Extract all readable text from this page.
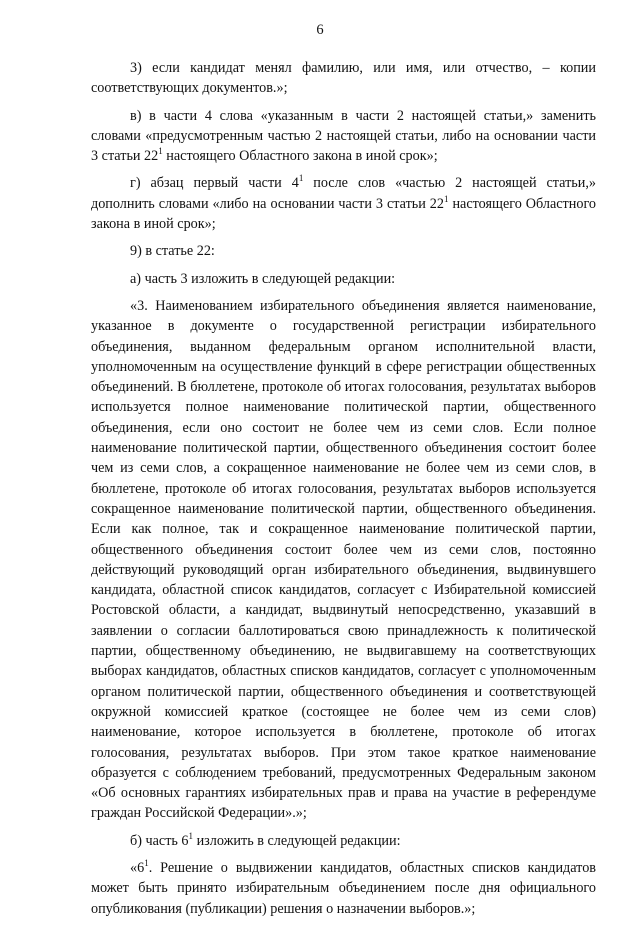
6

3) если кандидат менял фамилию, или имя, или отчество, – копии соответствующих документов.»;

в) в части 4 слова «указанным в части 2 настоящей статьи,» заменить словами «предусмотренным частью 2 настоящей статьи, либо на основании части 3 статьи $22^1$ настоящего Областного закона в иной срок»;

г) абзац первый части $4^1$ после слов «частью 2 настоящей статьи,» дополнить словами «либо на основании части 3 статьи $22^1$ настоящего Областного закона в иной срок»;

9) в статье 22:

а) часть 3 изложить в следующей редакции:

«3. Наименованием избирательного объединения является наименование, указанное в документе о государственной регистрации избирательного объединения, выданном федеральным органом исполнительной власти, уполномоченным на осуществление функций в сфере регистрации общественных объединений. В бюллетене, протоколе об итогах голосования, результатах выборов используется полное наименование политической партии, общественного объединения, если оно состоит не более чем из семи слов. Если полное наименование политической партии, общественного объединения состоит более чем из семи слов, а сокращенное наименование не более чем из семи слов, в бюллетене, протоколе об итогах голосования, результатах выборов используется сокращенное наименование политической партии, общественного объединения. Если как полное, так и сокращенное наименование политической партии, общественного объединения состоит более чем из семи слов, постоянно действующий руководящий орган избирательного объединения, выдвинувшего кандидата, областной список кандидатов, согласует с Избирательной комиссией Ростовской области, а кандидат, выдвинутый непосредственно, указавший в заявлении о согласии баллотироваться свою принадлежность к политической партии, общественному объединению, не выдвигавшему на соответствующих выборах кандидатов, областных списков кандидатов, согласует с уполномоченным органом политической партии, общественного объединения и соответствующей окружной комиссией краткое (состоящее не более чем из семи слов) наименование, которое используется в бюллетене, протоколе об итогах голосования, результатах выборов. При этом такое краткое наименование образуется с соблюдением требований, предусмотренных Федеральным законом «Об основных гарантиях избирательных прав и права на участие в референдуме граждан Российской Федерации».»;

б) часть $6^1$ изложить в следующей редакции:

«$6^1$. Решение о выдвижении кандидатов, областных списков кандидатов может быть принято избирательным объединением после дня официального опубликования (публикации) решения о назначении выборов.»;
